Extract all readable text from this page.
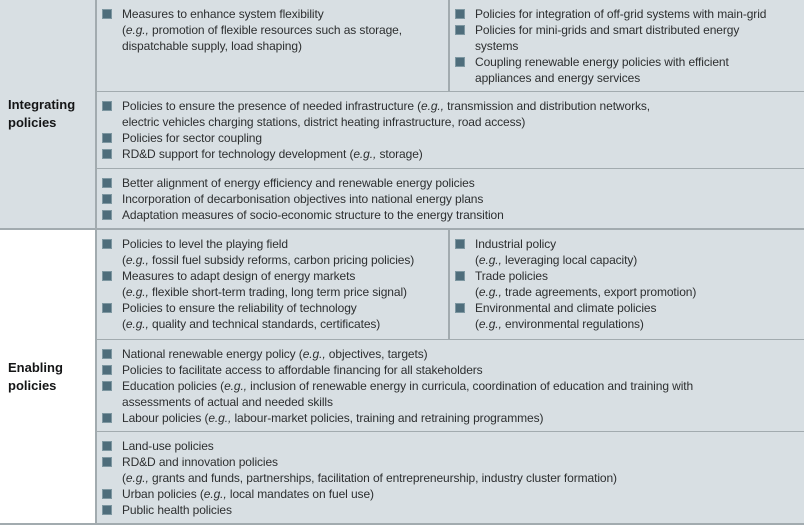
Integrating policies
Measures to enhance system flexibility
(e.g., promotion of flexible resources such as storage,
dispatchable supply, load shaping)
Policies for integration of off-grid systems with main-grid
Policies for mini-grids and smart distributed energy
systems
Coupling renewable energy policies with efficient
appliances and energy services
Policies to ensure the presence of needed infrastructure (e.g., transmission and distribution networks,
electric vehicles charging stations, district heating infrastructure, road access)
Policies for sector coupling
RD&D support for technology development (e.g., storage)
Better alignment of energy efficiency and renewable energy policies
Incorporation of decarbonisation objectives into national energy plans
Adaptation measures of socio-economic structure to the energy transition
Enabling policies
Policies to level the playing field
(e.g., fossil fuel subsidy reforms, carbon pricing policies)
Measures to adapt design of energy markets
(e.g., flexible short-term trading, long term price signal)
Policies to ensure the reliability of technology
(e.g., quality and technical standards, certificates)
Industrial policy
(e.g., leveraging local capacity)
Trade policies
(e.g., trade agreements, export promotion)
Environmental and climate policies
(e.g., environmental regulations)
National renewable energy policy (e.g., objectives, targets)
Policies to facilitate access to affordable financing for all stakeholders
Education policies (e.g., inclusion of renewable energy in curricula, coordination of education and training with
assessments of actual and needed skills
Labour policies (e.g., labour-market policies, training and retraining programmes)
Land-use policies
RD&D and innovation policies
(e.g., grants and funds, partnerships, facilitation of entrepreneurship, industry cluster formation)
Urban policies (e.g., local mandates on fuel use)
Public health policies
